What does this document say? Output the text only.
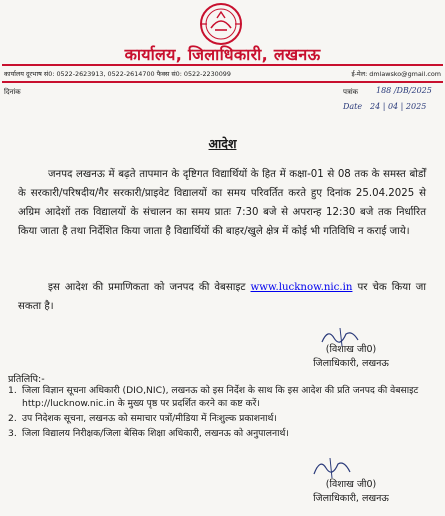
कार्यालय, जिलाधिकारी, लखनऊ
कार्यालय दूरभाष सं0: 0522-2623913, 0522-2614700 फैक्स सं0: 0522-2230099	ई-मेल: dmlawsko@gmail.com
दिनांक	पत्रांक 188 /DB/2025
Date 24 | 04 | 2025
आदेश
जनपद लखनऊ में बढ़ते तापमान के दृष्टिगत विद्यार्थियों के हित में कक्षा-01 से 08 तक के समस्त बोर्डों के सरकारी/परिषदीय/गैर सरकारी/प्राइवेट विद्यालयों का समय परिवर्तित करते हुए दिनांक 25.04.2025 से अग्रिम आदेशों तक विद्यालयों के संचालन का समय प्रातः 7:30 बजे से अपरान्ह 12:30 बजे तक निर्धारित किया जाता है तथा निर्देशित किया जाता है विद्यार्थियों की बाहर/खुले क्षेत्र में कोई भी गतिविधि न कराई जाये।
इस आदेश की प्रमाणिकता को जनपद की वेबसाइट www.lucknow.nic.in पर चेक किया जा सकता है।
(विशाख जी0)
जिलाधिकारी, लखनऊ
प्रतिलिपि:-
1. जिला विज्ञान सूचना अधिकारी (DIO,NIC), लखनऊ को इस निर्देश के साथ कि इस आदेश की प्रति जनपद की वेबसाइट http://lucknow.nic.in के मुख्य पृष्ठ पर प्रदर्शित करने का कष्ट करें।
2. उप निदेशक सूचना, लखनऊ को समाचार पत्रों/मीडिया में निःशुल्क प्रकाशनार्थ।
3. जिला विद्यालय निरीक्षक/जिला बेसिक शिक्षा अधिकारी, लखनऊ को अनुपालनार्थ।
(विशाख जी0)
जिलाधिकारी, लखनऊ
